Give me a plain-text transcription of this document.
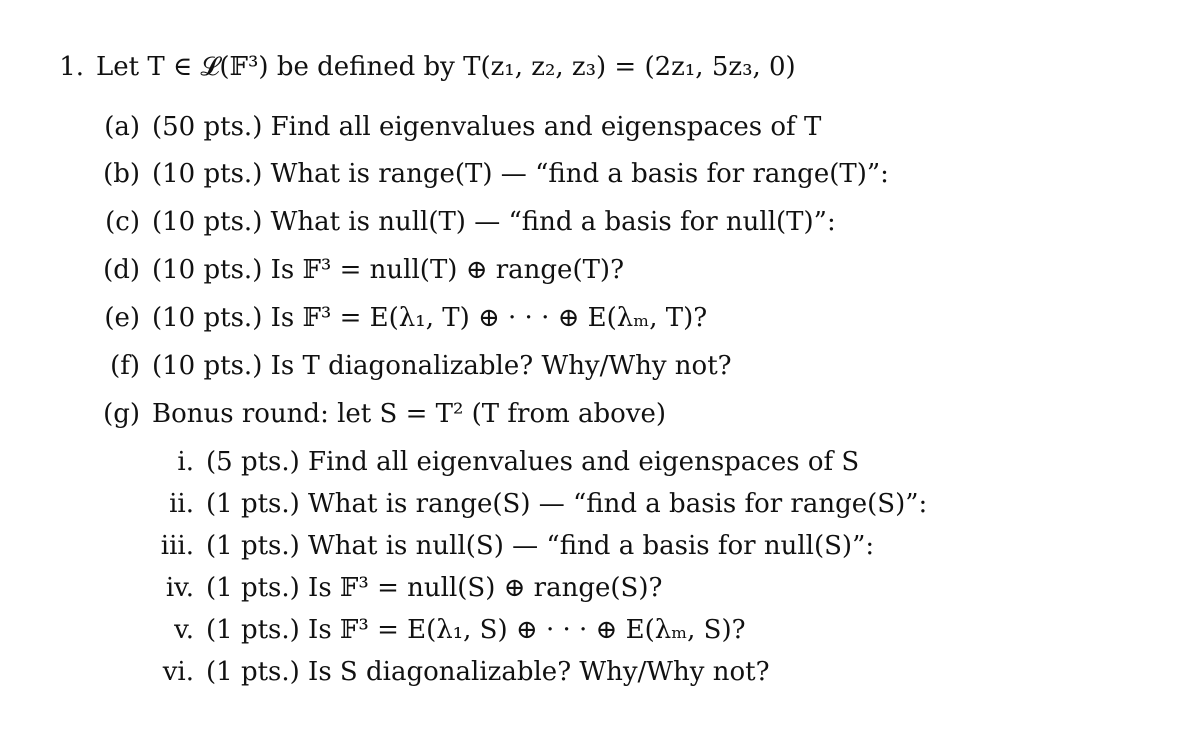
1. Let T ∈ 𝓛(𝔽³) be defined by T(z₁, z₂, z₃) = (2z₁, 5z₃, 0)
(a) (50 pts.) Find all eigenvalues and eigenspaces of T
(b) (10 pts.) What is range(T) — “find a basis for range(T)”:
(c) (10 pts.) What is null(T) — “find a basis for null(T)”:
(d) (10 pts.) Is 𝔽³ = null(T) ⊕ range(T)?
(e) (10 pts.) Is 𝔽³ = E(λ₁, T) ⊕ · · · ⊕ E(λₘ, T)?
(f) (10 pts.) Is T diagonalizable? Why/Why not?
(g) Bonus round: let S = T² (T from above)
i. (5 pts.) Find all eigenvalues and eigenspaces of S
ii. (1 pts.) What is range(S) — “find a basis for range(S)”:
iii. (1 pts.) What is null(S) — “find a basis for null(S)”:
iv. (1 pts.) Is 𝔽³ = null(S) ⊕ range(S)?
v. (1 pts.) Is 𝔽³ = E(λ₁, S) ⊕ · · · ⊕ E(λₘ, S)?
vi. (1 pts.) Is S diagonalizable? Why/Why not?
